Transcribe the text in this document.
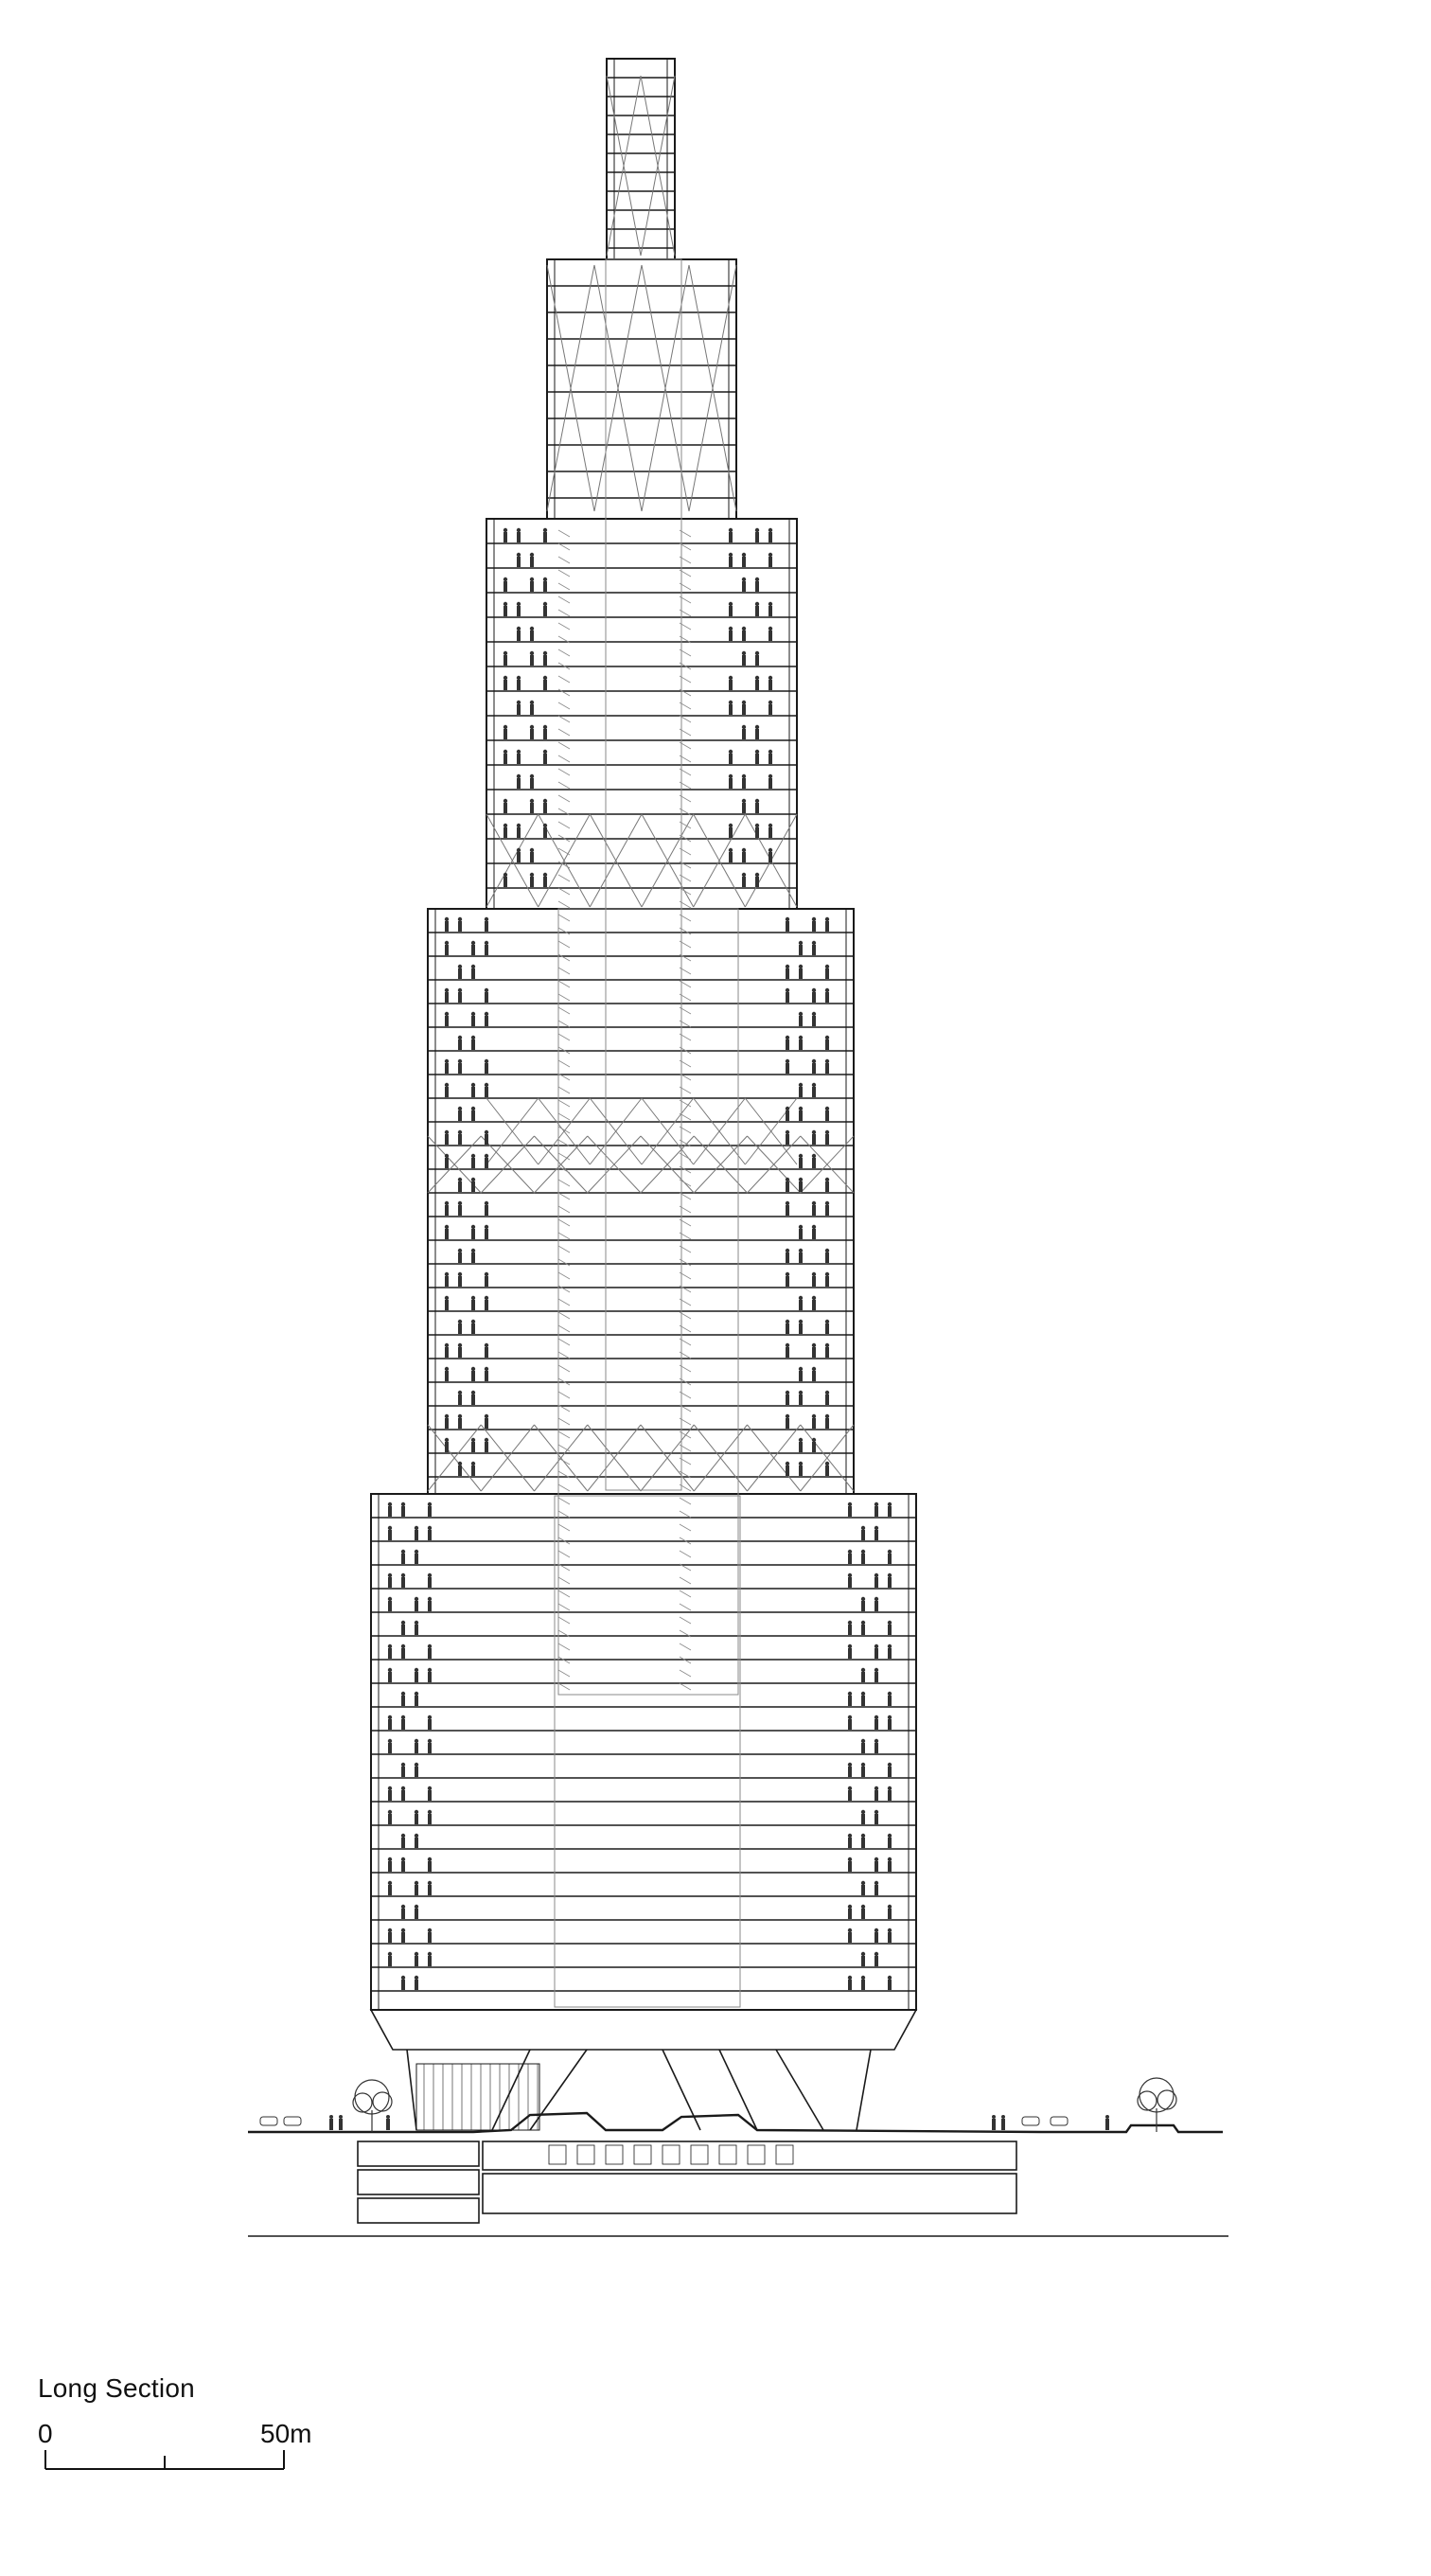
Long Section
0	50m
